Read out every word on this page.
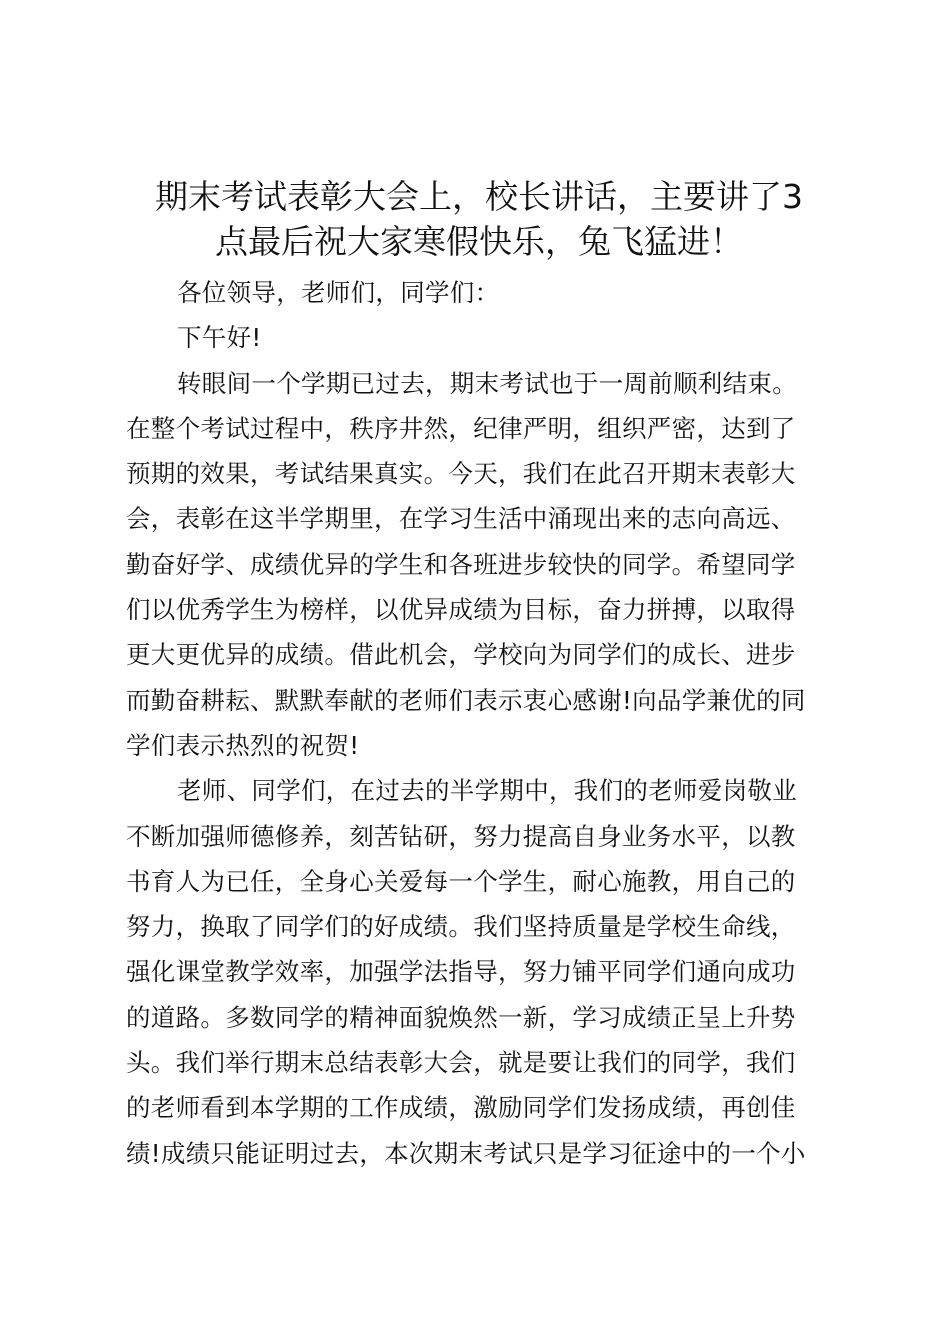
期末考试表彰大会上，校长讲话，主要讲了3
点最后祝大家寒假快乐，兔飞猛进！

各位领导，老师们，同学们：

下午好!

转眼间一个学期已过去，期末考试也于一周前顺利结束。
在整个考试过程中，秩序井然，纪律严明，组织严密，达到了
预期的效果，考试结果真实。今天，我们在此召开期末表彰大
会，表彰在这半学期里，在学习生活中涌现出来的志向高远、
勤奋好学、成绩优异的学生和各班进步较快的同学。希望同学
们以优秀学生为榜样，以优异成绩为目标，奋力拼搏，以取得
更大更优异的成绩。借此机会，学校向为同学们的成长、进步
而勤奋耕耘、默默奉献的老师们表示衷心感谢!向品学兼优的同
学们表示热烈的祝贺!

老师、同学们，在过去的半学期中，我们的老师爱岗敬业
不断加强师德修养，刻苦钻研，努力提高自身业务水平，以教
书育人为已任，全身心关爱每一个学生，耐心施教，用自己的
努力，换取了同学们的好成绩。我们坚持质量是学校生命线，
强化课堂教学效率，加强学法指导，努力铺平同学们通向成功
的道路。多数同学的精神面貌焕然一新，学习成绩正呈上升势
头。我们举行期末总结表彰大会，就是要让我们的同学，我们
的老师看到本学期的工作成绩，激励同学们发扬成绩，再创佳
绩!成绩只能证明过去，本次期末考试只是学习征途中的一个小
